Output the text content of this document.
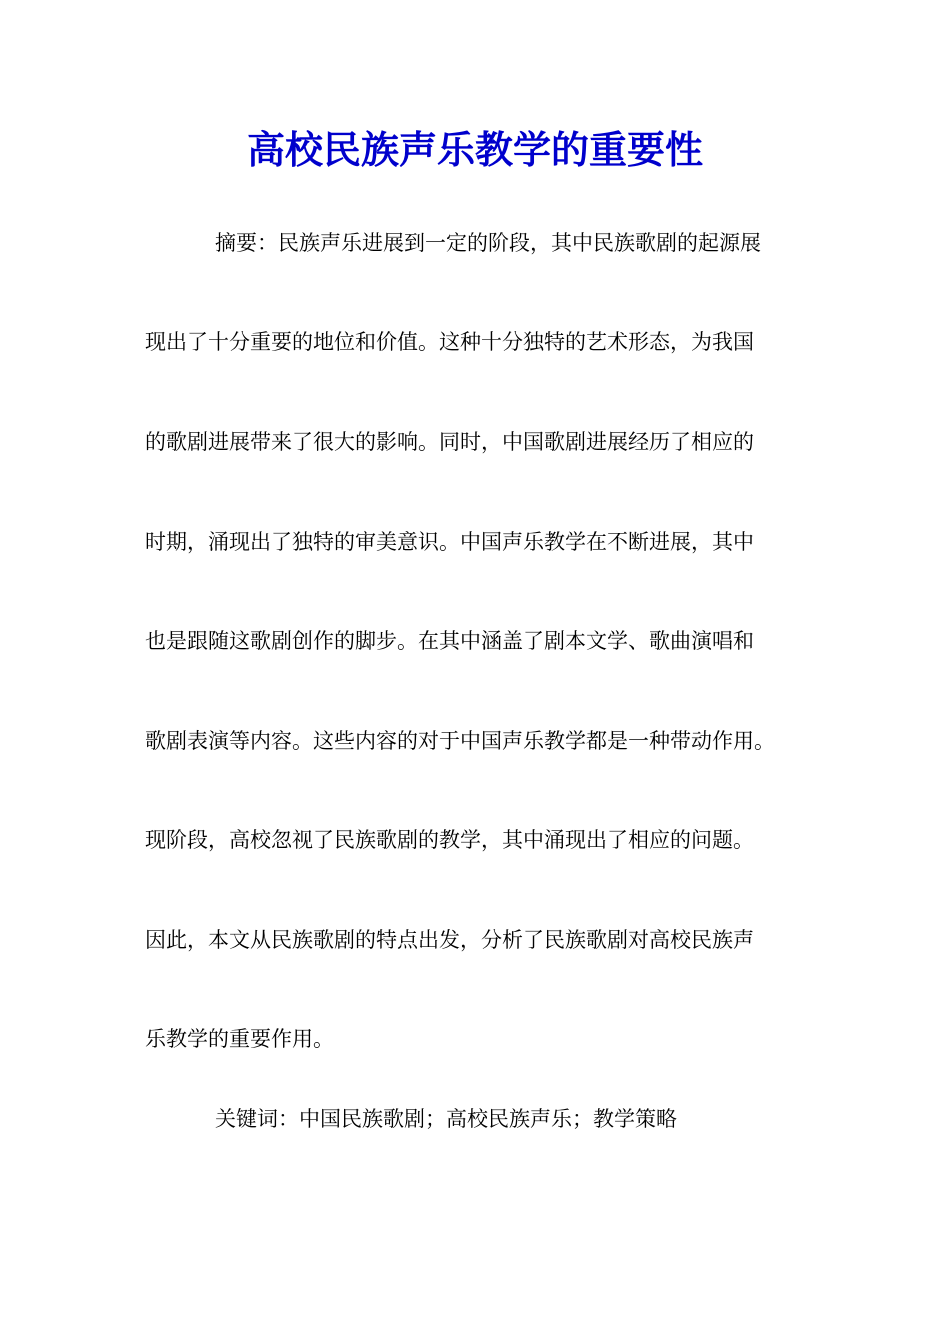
高校民族声乐教学的重要性
摘要：民族声乐进展到一定的阶段，其中民族歌剧的起源展
现出了十分重要的地位和价值。这种十分独特的艺术形态，为我国
的歌剧进展带来了很大的影响。同时，中国歌剧进展经历了相应的
时期，涌现出了独特的审美意识。中国声乐教学在不断进展，其中
也是跟随这歌剧创作的脚步。在其中涵盖了剧本文学、歌曲演唱和
歌剧表演等内容。这些内容的对于中国声乐教学都是一种带动作用。
现阶段，高校忽视了民族歌剧的教学，其中涌现出了相应的问题。
因此，本文从民族歌剧的特点出发，分析了民族歌剧对高校民族声
乐教学的重要作用。
关键词：中国民族歌剧；高校民族声乐；教学策略
